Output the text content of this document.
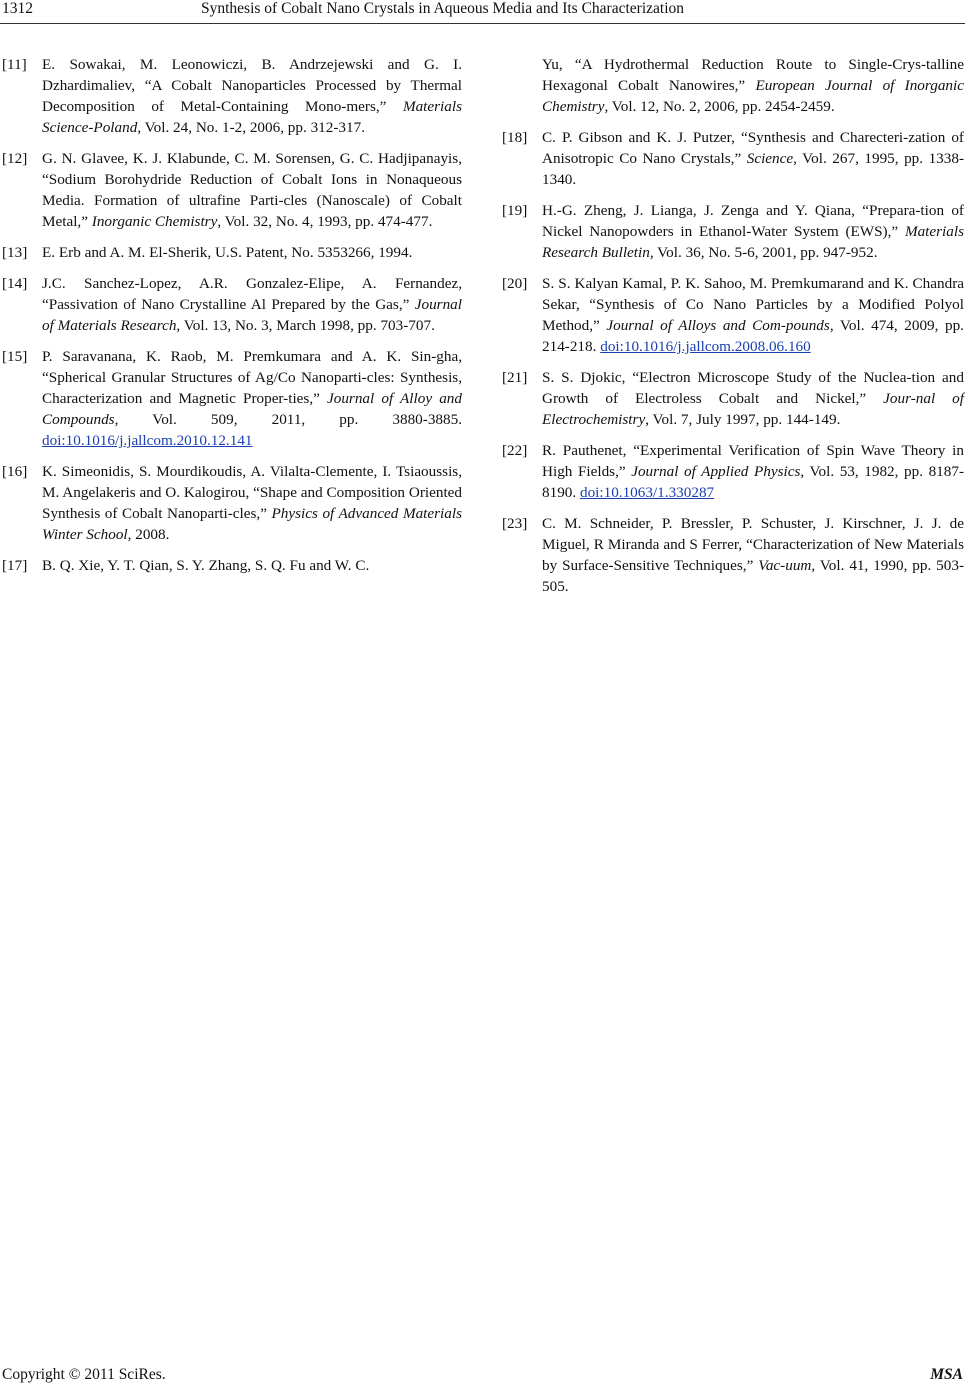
1312	Synthesis of Cobalt Nano Crystals in Aqueous Media and Its Characterization
[11] E. Sowakai, M. Leonowiczi, B. Andrzejewski and G. I. Dzhardimaliev, “A Cobalt Nanoparticles Processed by Thermal Decomposition of Metal-Containing Mono-mers,” Materials Science-Poland, Vol. 24, No. 1-2, 2006, pp. 312-317.
[12] G. N. Glavee, K. J. Klabunde, C. M. Sorensen, G. C. Hadjipanayis, “Sodium Borohydride Reduction of Cobalt Ions in Nonaqueous Media. Formation of ultrafine Parti-cles (Nanoscale) of Cobalt Metal,” Inorganic Chemistry, Vol. 32, No. 4, 1993, pp. 474-477.
[13] E. Erb and A. M. El-Sherik, U.S. Patent, No. 5353266, 1994.
[14] J.C. Sanchez-Lopez, A.R. Gonzalez-Elipe, A. Fernandez, “Passivation of Nano Crystalline Al Prepared by the Gas,” Journal of Materials Research, Vol. 13, No. 3, March 1998, pp. 703-707.
[15] P. Saravanana, K. Raob, M. Premkumara and A. K. Sin-gha, “Spherical Granular Structures of Ag/Co Nanoparti-cles: Synthesis, Characterization and Magnetic Proper-ties,” Journal of Alloy and Compounds, Vol. 509, 2011, pp. 3880-3885. doi:10.1016/j.jallcom.2010.12.141
[16] K. Simeonidis, S. Mourdikoudis, A. Vilalta-Clemente, I. Tsiaoussis, M. Angelakeris and O. Kalogirou, “Shape and Composition Oriented Synthesis of Cobalt Nanoparti-cles,” Physics of Advanced Materials Winter School, 2008.
[17] B. Q. Xie, Y. T. Qian, S. Y. Zhang, S. Q. Fu and W. C.
Yu, “A Hydrothermal Reduction Route to Single-Crys-talline Hexagonal Cobalt Nanowires,” European Journal of Inorganic Chemistry, Vol. 12, No. 2, 2006, pp. 2454-2459.
[18] C. P. Gibson and K. J. Putzer, “Synthesis and Charecteri-zation of Anisotropic Co Nano Crystals,” Science, Vol. 267, 1995, pp. 1338-1340.
[19] H.-G. Zheng, J. Lianga, J. Zenga and Y. Qiana, “Prepara-tion of Nickel Nanopowders in Ethanol-Water System (EWS),” Materials Research Bulletin, Vol. 36, No. 5-6, 2001, pp. 947-952.
[20] S. S. Kalyan Kamal, P. K. Sahoo, M. Premkumarand and K. Chandra Sekar, “Synthesis of Co Nano Particles by a Modified Polyol Method,” Journal of Alloys and Com-pounds, Vol. 474, 2009, pp. 214-218. doi:10.1016/j.jallcom.2008.06.160
[21] S. S. Djokic, “Electron Microscope Study of the Nuclea-tion and Growth of Electroless Cobalt and Nickel,” Jour-nal of Electrochemistry, Vol. 7, July 1997, pp. 144-149.
[22] R. Pauthenet, “Experimental Verification of Spin Wave Theory in High Fields,” Journal of Applied Physics, Vol. 53, 1982, pp. 8187-8190. doi:10.1063/1.330287
[23] C. M. Schneider, P. Bressler, P. Schuster, J. Kirschner, J. J. de Miguel, R Miranda and S Ferrer, “Characterization of New Materials by Surface-Sensitive Techniques,” Vac-uum, Vol. 41, 1990, pp. 503-505.
Copyright © 2011 SciRes.	MSA
